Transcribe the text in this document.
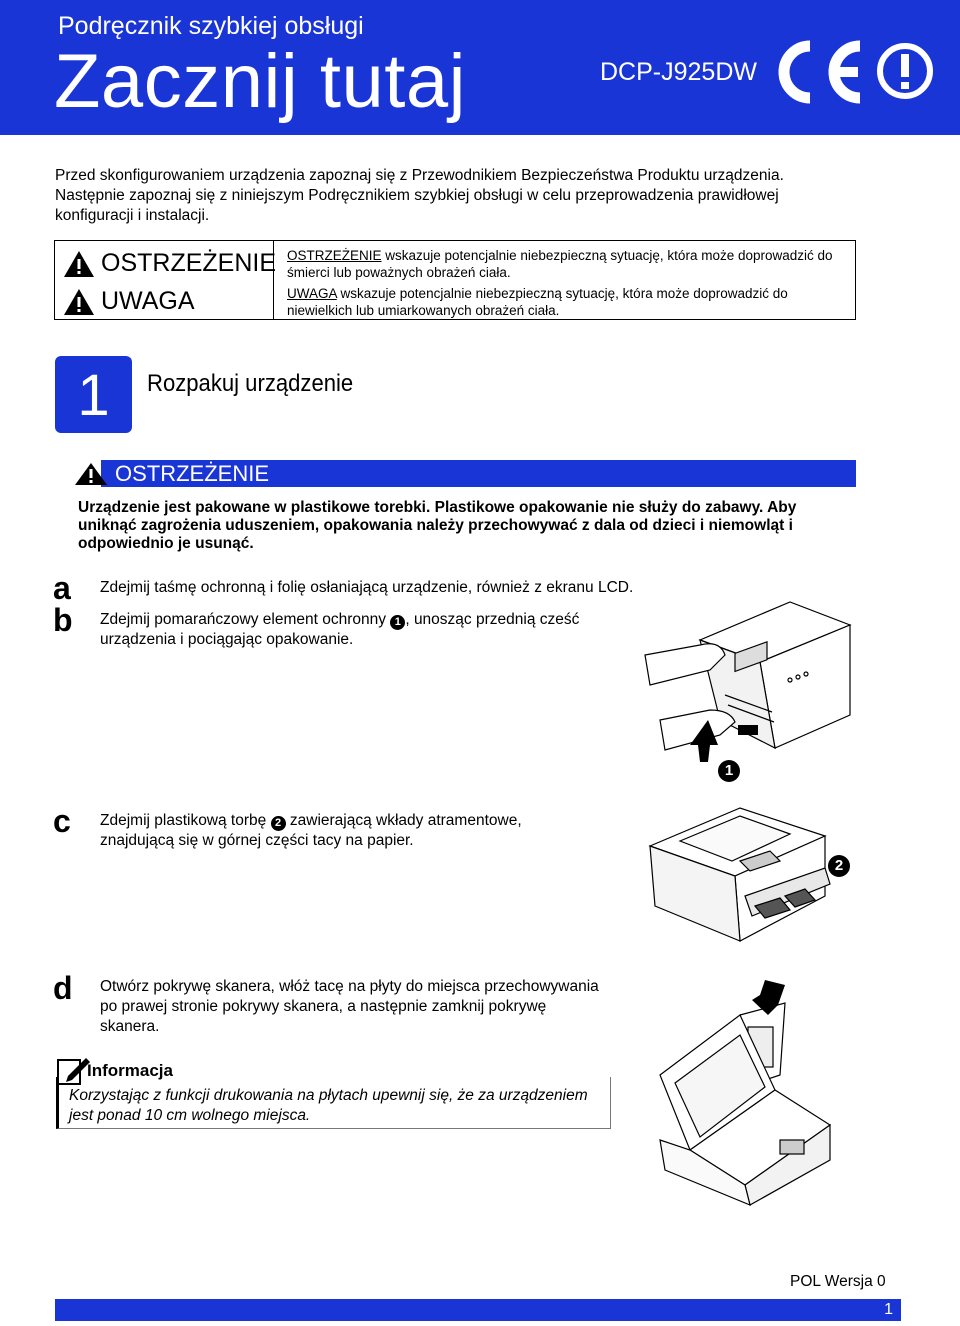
Podręcznik szybkiej obsługi
Zacznij tutaj	DCP-J925DW
Przed skonfigurowaniem urządzenia zapoznaj się z Przewodnikiem Bezpieczeństwa Produktu urządzenia. Następnie zapoznaj się z niniejszym Podręcznikiem szybkiej obsługi w celu przeprowadzenia prawidłowej konfiguracji i instalacji.
OSTRZEŻENIE
UWAGA
OSTRZEŻENIE wskazuje potencjalnie niebezpieczną sytuację, która może doprowadzić do śmierci lub poważnych obrażeń ciała.
UWAGA wskazuje potencjalnie niebezpieczną sytuację, która może doprowadzić do niewielkich lub umiarkowanych obrażeń ciała.
1	Rozpakuj urządzenie
OSTRZEŻENIE
Urządzenie jest pakowane w plastikowe torebki. Plastikowe opakowanie nie służy do zabawy. Aby uniknąć zagrożenia uduszeniem, opakowania należy przechowywać z dala od dzieci i niemowląt i odpowiednio je usunąć.
a Zdejmij taśmę ochronną i folię osłaniającą urządzenie, również z ekranu LCD.
b Zdejmij pomarańczowy element ochronny 1 , unosząc przednią cześć
urządzenia i pociągając opakowanie.
1
c Zdejmij plastikową torbę 2 zawierającą wkłady atramentowe,
znajdującą się w górnej części tacy na papier.
2
d Otwórz pokrywę skanera, włóż tacę na płyty do miejsca przechowywania
po prawej stronie pokrywy skanera, a następnie zamknij pokrywę
skanera.
Informacja
Korzystając z funkcji drukowania na płytach upewnij się, że za urządzeniem jest ponad 10 cm wolnego miejsca.
POL Wersja 0
1
